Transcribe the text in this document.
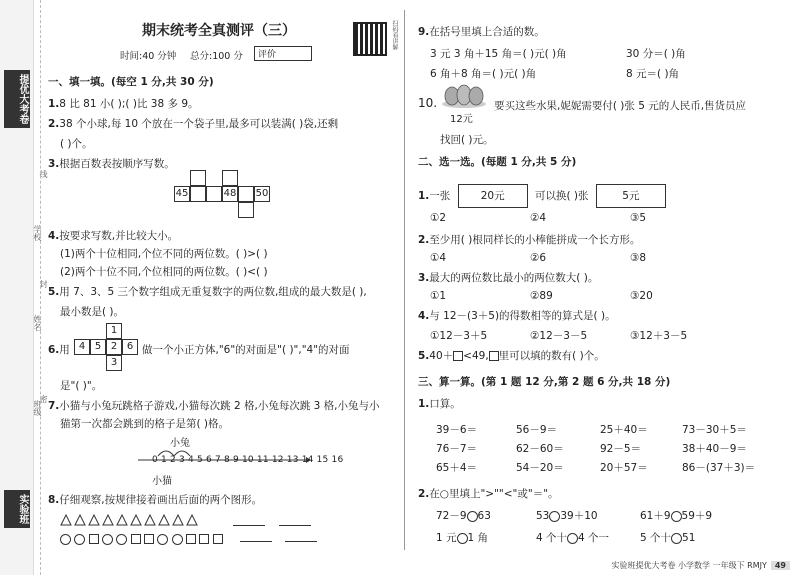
提优大考卷
实验班
学校
姓名
班级
线
封
密
期末统考全真测评（三）
时间:40 分钟 总分:100 分	评价
扫码看讲解
一、填一填。(每空 1 分,共 30 分)
1.8 比 81 小( );( )比 38 多 9。
2.38 个小球,每 10 个放在一个袋子里,最多可以装满( )袋,还剩
( )个。
3.根据百数表按顺序写数。
45	48 50
4.按要求写数,并比较大小。
(1)两个十位相同,个位不同的两位数。( )>( )
(2)两个十位不同,个位相同的两位数。( )<( )
5.用 7、3、5 三个数字组成无重复数字的两位数,组成的最大数是( ),
最小数是( )。
6.用
1
4 5 2 6
3
做一个小正方体,"6"的对面是"( )","4"的对面
是"( )"。
7.小猫与小兔玩跳格子游戏,小猫每次跳 2 格,小兔每次跳 3 格,小兔与小
猫第一次都会跳到的格子是第( )格。
小兔
0 1 2 3 4 5 6 7 8 9 10 11 12 13 14 15 16
小猫
8.仔细观察,按规律接着画出后面的两个图形。

9.在括号里填上合适的数。
3 元 3 角＋15 角＝( )元( )角	30 分＝( )角
6 角＋8 角＝( )元( )角	8 元＝( )角
10.
12元
要买这些水果,妮妮需要付( )张 5 元的人民币,售货员应
找回( )元。
二、选一选。(每题 1 分,共 5 分)
1.一张	20元	可以换( )张	5元
①2	②4	③5
2.至少用( )根同样长的小棒能拼成一个长方形。
①4	②6	③8
3.最大的两位数比最小的两位数大( )。
①1	②89	③20
4.与 12－(3＋5)的得数相等的算式是( )。
①12－3＋5	②12－3－5	③12＋3－5
5.40＋ <49, 里可以填的数有( )个。
三、算一算。(第 1 题 12 分,第 2 题 6 分,共 18 分)
1.口算。
39－6＝	56－9＝	25＋40＝	73－30＋5＝
76－7＝	62－60＝	92－5＝	38＋40－9＝
65＋4＝	54－20＝	20＋57＝	86－(37＋3)＝
2.在○里填上">""<"或"＝"。
72－9 63	53 39＋10	61＋9 59＋9
1 元 1 角	4 个十 4 个一	5 个十 51
实验班提优大考卷 小学数学 一年级下 RMJY 49
